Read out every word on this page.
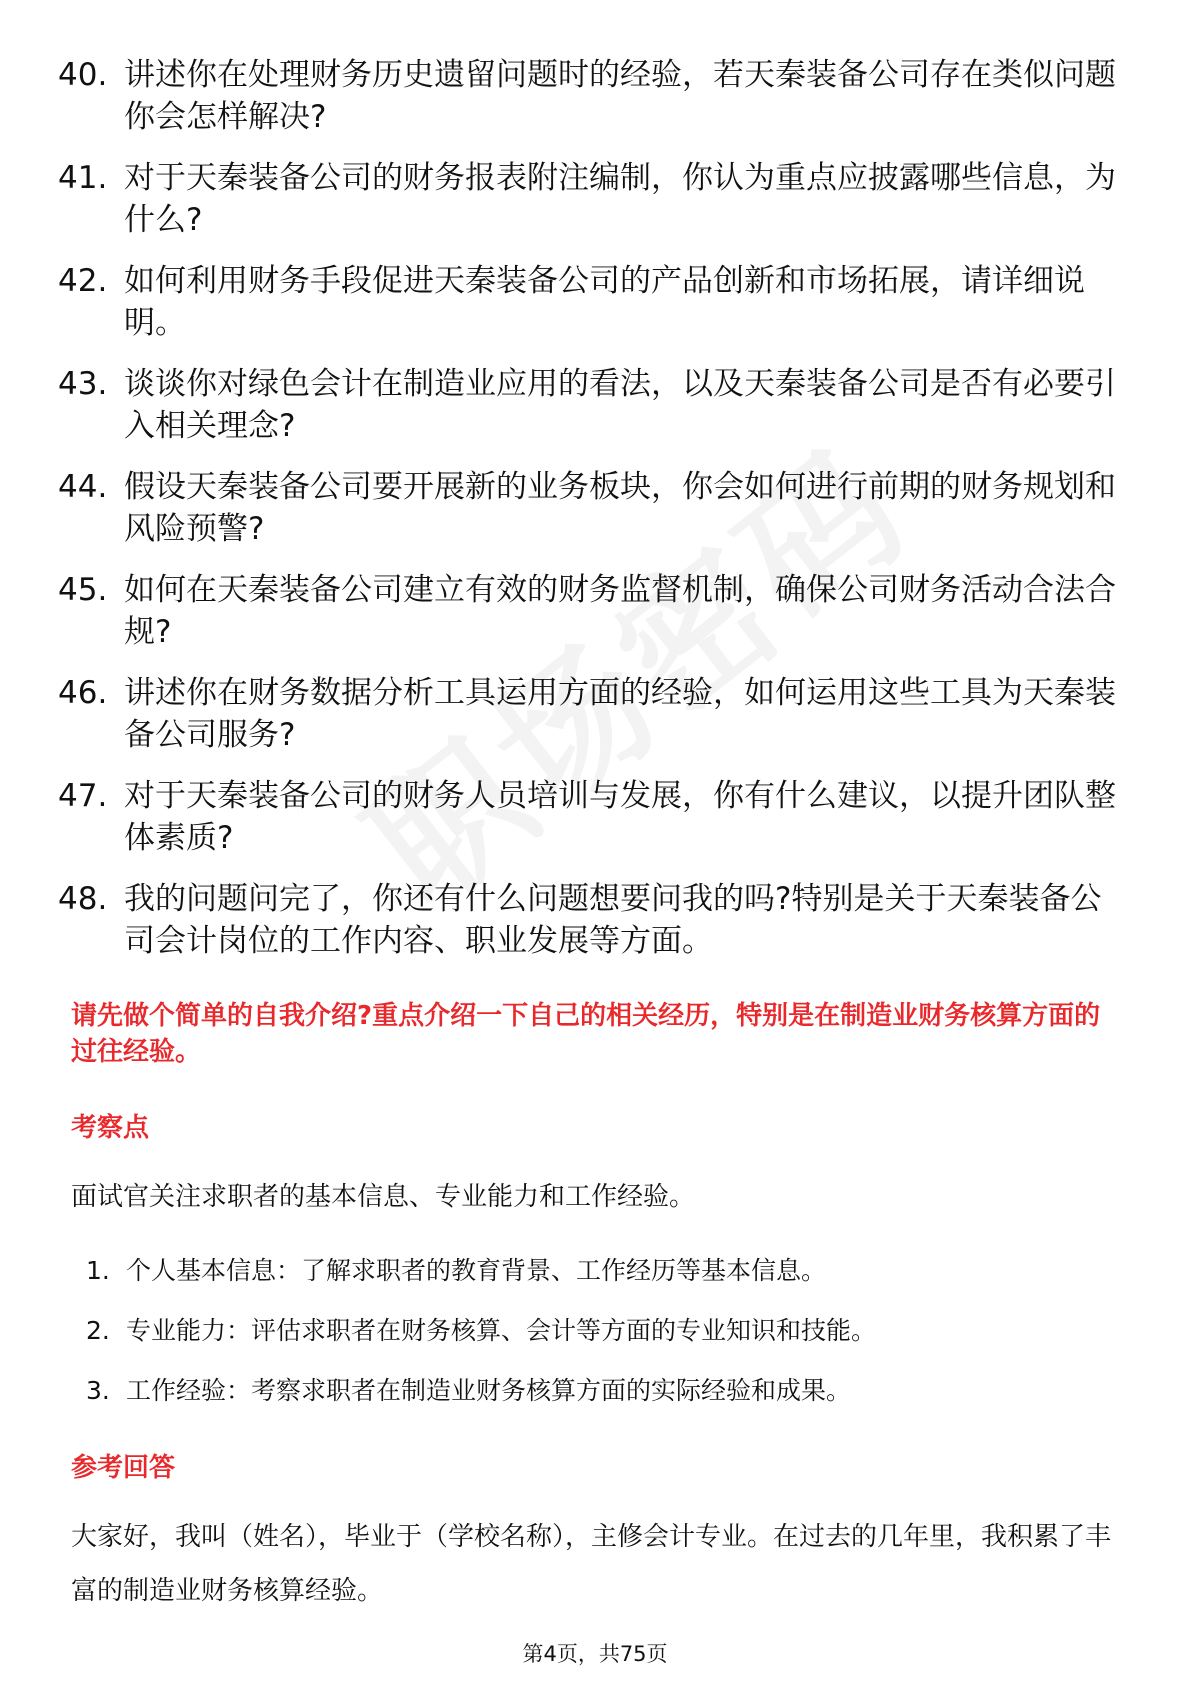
40. 讲述你在处理财务历史遗留问题时的经验，若天秦装备公司存在类似问题你会怎样解决?
41. 对于天秦装备公司的财务报表附注编制，你认为重点应披露哪些信息，为什么?
42. 如何利用财务手段促进天秦装备公司的产品创新和市场拓展，请详细说明。
43. 谈谈你对绿色会计在制造业应用的看法，以及天秦装备公司是否有必要引入相关理念?
44. 假设天秦装备公司要开展新的业务板块，你会如何进行前期的财务规划和风险预警?
45. 如何在天秦装备公司建立有效的财务监督机制，确保公司财务活动合法合规?
46. 讲述你在财务数据分析工具运用方面的经验，如何运用这些工具为天秦装备公司服务?
47. 对于天秦装备公司的财务人员培训与发展，你有什么建议，以提升团队整体素质?
48. 我的问题问完了，你还有什么问题想要问我的吗?特别是关于天秦装备公司会计岗位的工作内容、职业发展等方面。

请先做个简单的自我介绍?重点介绍一下自己的相关经历，特别是在制造业财务核算方面的过往经验。

考察点

面试官关注求职者的基本信息、专业能力和工作经验。

1. 个人基本信息：了解求职者的教育背景、工作经历等基本信息。
2. 专业能力：评估求职者在财务核算、会计等方面的专业知识和技能。
3. 工作经验：考察求职者在制造业财务核算方面的实际经验和成果。

参考回答

大家好，我叫（姓名），毕业于（学校名称），主修会计专业。在过去的几年里，我积累了丰富的制造业财务核算经验。

第4页，共75页
